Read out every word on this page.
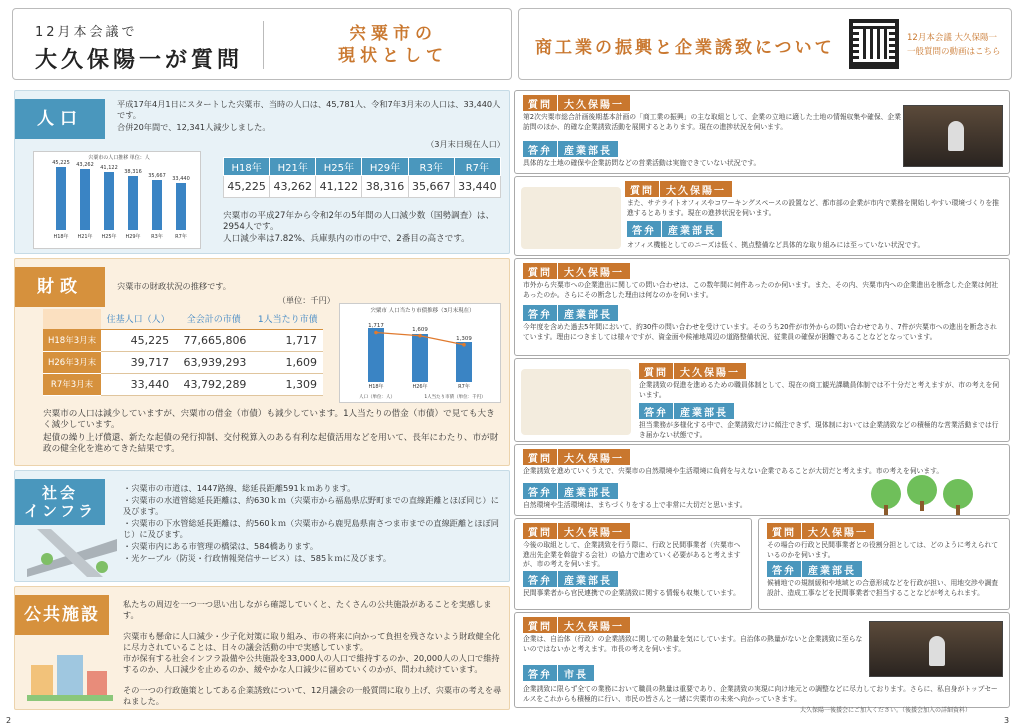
12月本会議で
大久保陽一が質問
宍粟市の
現状として	商工業の振興と企業誘致について	12月本会議 大久保陽一
一般質問の動画はこちら
人口
平成17年4月1日にスタートした宍粟市、当時の人口は、45,781人、令和7年3月末の人口は、33,440人です。
合併20年間で、12,341人減少しました。
（3月末日現在人口）
宍粟市の人口推移 単位：人
45,225
H18年
43,262
H21年
41,122
H25年
38,316
H29年
35,667
R3年
33,440
R7年
H18年	H21年	H25年	H29年	R3年	R7年
45,225	43,262	41,122	38,316	35,667	33,440
宍粟市の平成27年から令和2年の5年間の人口減少数（国勢調査）は、2954人です。
人口減少率は7.82%、兵庫県内の市の中で、2番目の高さです。
財政	宍粟市の財政状況の推移です。
（単位：千円）
	住基人口（人）	全会計の市債	1人当たり市債
H18年3月末	45,225	77,665,806	1,717
H26年3月末	39,717	63,939,293	1,609
R7年3月末	33,440	43,792,289	1,309
宍粟市 人口当たり市債推移（3月末現在）
人口（単位：人）	1人当たり市債（単位：千円）
H18年
1,717
H26年
1,609
R7年
1,309
宍粟市の人口は減少していますが、宍粟市の借金（市債）も減少しています。1人当たりの借金（市債）で見ても大きく減少しています。
起債の繰り上げ償還、新たな起債の発行抑制、交付税算入のある有利な起債活用などを用いて、長年にわたり、市が財政の健全化を進めてきた結果です。
社会
インフラ
・宍粟市の市道は、1447路線、総延長距離591ｋｍあります。
・宍粟市の水道管総延長距離は、約630ｋｍ（宍粟市から福島県広野町までの直線距離とほぼ同じ）に及びます。
・宍粟市の下水管総延長距離は、約560ｋｍ（宍粟市から鹿児島県南さつま市までの直線距離とほぼ同じ）に及びます。
・宍粟市内にある市管理の橋梁は、584橋あります。
・光ケーブル（防災・行政情報発信サービス）は、585ｋｍに及びます。
公共施設
私たちの周辺を一つ一つ思い出しながら確認していくと、たくさんの公共施設があることを実感します。
宍粟市も懸命に人口減少・少子化対策に取り組み、市の将来に向かって負担を残さないよう財政健全化に尽力されていることは、日々の議会活動の中で実感しています。
市が保有する社会インフラ設備や公共施設を33,000人の人口で維持するのか、20,000人の人口で維持するのか、人口減少を止めるのか、緩やかな人口減少に留めていくのかが、問われ続けています。
その一つの行政施策としてある企業誘致について、12月議会の一般質問に取り上げ、宍粟市の考えを尋ねました。
質問	大久保陽一
第2次宍粟市総合計画後期基本計画の「商工業の振興」の主な取組として、企業の立地に適した土地の情報収集や確保、企業訪問のほか、的確な企業誘致活動を展開するとあります。現在の進捗状況を伺います。
答弁	産業部長
具体的な土地の確保や企業訪問などの営業活動は実施できていない状況です。
質問	大久保陽一
また、サテライトオフィスやコワーキングスペースの設置など、都市部の企業が市内で業務を開始しやすい環境づくりを推進するとあります。現在の進捗状況を伺います。
答弁	産業部長
オフィス機能としてのニーズは低く、拠点整備など具体的な取り組みには至っていない状況です。
質問	大久保陽一
市外から宍粟市への企業進出に関しての問い合わせは、この数年間に何件あったのか伺います。また、その内、宍粟市内への企業進出を断念した企業は何社あったのか。さらにその断念した理由は何なのかを伺います。
答弁	産業部長
今年度を含めた過去5年間において、約30件の問い合わせを受けています。そのうち20件が市外からの問い合わせであり、7件が宍粟市への進出を断念されています。理由につきましては様々ですが、資金面や候補地周辺の道路整備状況、従業員の確保が困難であることなどとなっています。
質問	大久保陽一
企業誘致の促進を進めるための職員体制として、現在の商工観光課職員体制では不十分だと考えますが、市の考えを伺います。
答弁	産業部長
担当業務が多様化する中で、企業誘致だけに傾注できず、現体制においては企業誘致などの積極的な営業活動までは行き届かない状態です。
質問	大久保陽一
企業誘致を進めていくうえで、宍粟市の自然環境や生活環境に負荷を与えない企業であることが大切だと考えます。市の考えを伺います。
答弁	産業部長
自然環境や生活環境は、まちづくりをする上で非常に大切だと思います。
質問	大久保陽一
今後の取組として、企業誘致を行う際に、行政と民間事業者（宍粟市へ進出先企業を斡旋する会社）の協力で進めていく必要があると考えますが、市の考えを伺います。
答弁	産業部長
民間事業者から官民連携での企業誘致に関する情報も収集しています。
質問	大久保陽一
その場合の行政と民間事業者との役割分担としては、どのように考えられているのかを伺います。
答弁	産業部長
候補地での規制緩和や地域との合意形成などを行政が担い、用地交渉や調査設計、造成工事などを民間事業者で担当することなどが考えられます。
質問	大久保陽一
企業は、自治体（行政）の企業誘致に関しての熱量を気にしています。自治体の熱量がないと企業誘致に至らないのではないかと考えます。市長の考えを伺います。
答弁	市長
企業誘致に限らず全ての業務において職員の熱量は重要であり、企業誘致の実現に向け地元との調整などに尽力しております。さらに、私自身がトップセールスをこれからも積極的に行い、市民の皆さんと一緒に宍粟市の未来へ向かっていきます。
大久保陽一後援会にご加入ください。（後援会加入の詳細資料）
2	3
